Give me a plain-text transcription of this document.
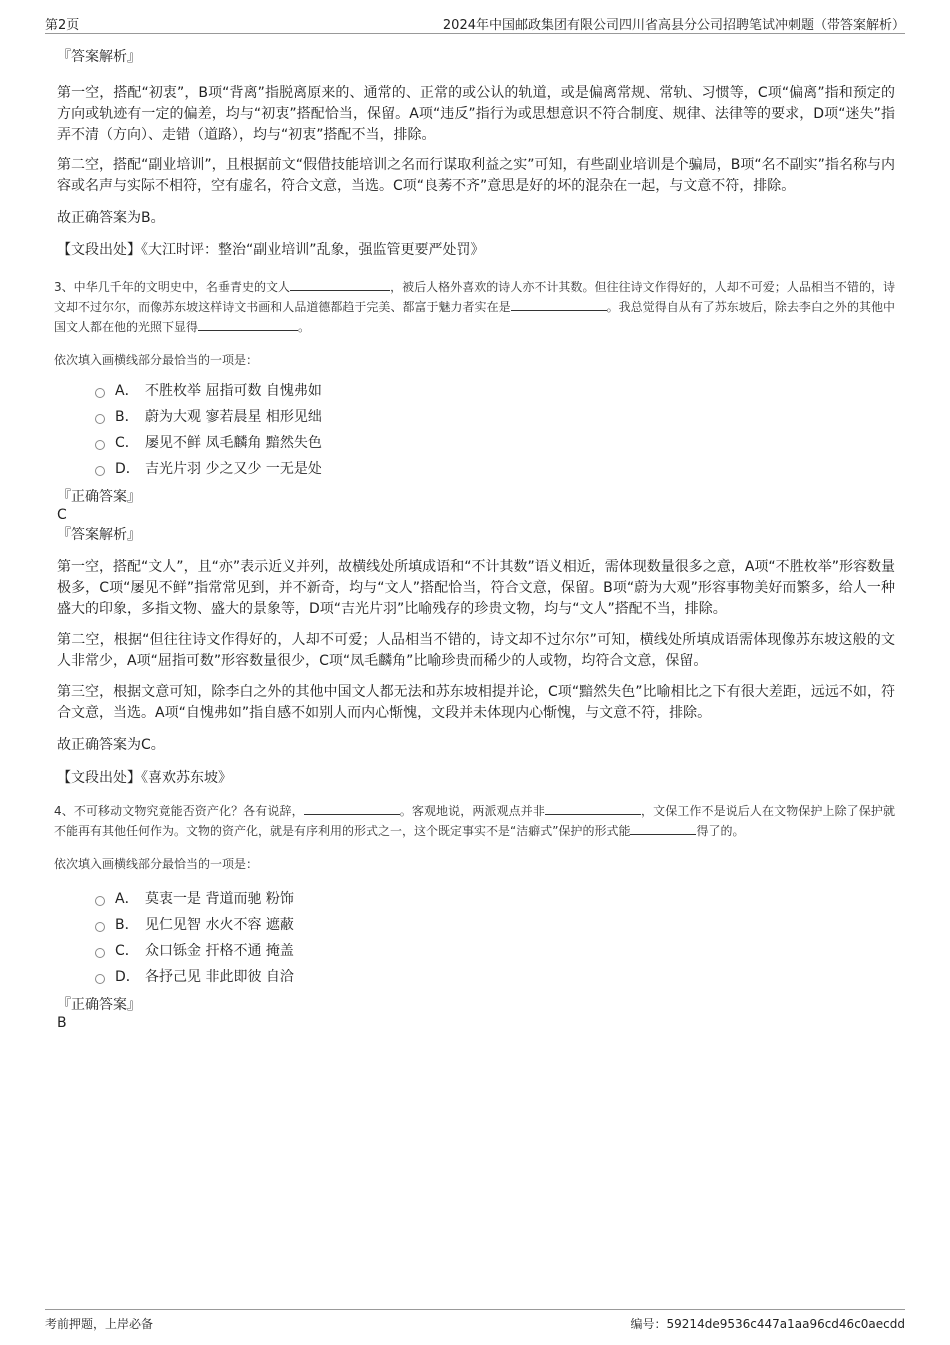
第2页	2024年中国邮政集团有限公司四川省高县分公司招聘笔试冲刺题（带答案解析）
『答案解析』

第一空，搭配“初衷”，B项“背离”指脱离原来的、通常的、正常的或公认的轨道，或是偏离常规、常轨、习惯等，C项“偏离”指和预定的方向或轨迹有一定的偏差，均与“初衷”搭配恰当，保留。A项“违反”指行为或思想意识不符合制度、规律、法律等的要求，D项“迷失”指弄不清（方向）、走错（道路），均与“初衷”搭配不当，排除。

第二空，搭配“副业培训”，且根据前文“假借技能培训之名而行谋取利益之实”可知，有些副业培训是个骗局，B项“名不副实”指名称与内容或名声与实际不相符，空有虚名，符合文意，当选。C项“良莠不齐”意思是好的坏的混杂在一起，与文意不符，排除。

故正确答案为B。

【文段出处】《大江时评：整治“副业培训”乱象，强监管更要严处罚》

3、中华几千年的文明史中，名垂青史的文人	，被后人格外喜欢的诗人亦不计其数。但往往诗文作得好的，人却不可爱；人品相当不错的，诗文却不过尔尔，而像苏东坡这样诗文书画和人品道德都趋于完美、都富于魅力者实在是	。我总觉得自从有了苏东坡后，除去李白之外的其他中国文人都在他的光照下显得	。

依次填入画横线部分最恰当的一项是：

A． 不胜枚举 屈指可数 自愧弗如
B． 蔚为大观 寥若晨星 相形见绌
C． 屡见不鲜 凤毛麟角 黯然失色
D． 吉光片羽 少之又少 一无是处
『正确答案』
C
『答案解析』

第一空，搭配“文人”，且“亦”表示近义并列，故横线处所填成语和“不计其数”语义相近，需体现数量很多之意，A项“不胜枚举”形容数量极多，C项“屡见不鲜”指常常见到，并不新奇，均与“文人”搭配恰当，符合文意，保留。B项“蔚为大观”形容事物美好而繁多，给人一种盛大的印象，多指文物、盛大的景象等，D项“吉光片羽”比喻残存的珍贵文物，均与“文人”搭配不当，排除。

第二空，根据“但往往诗文作得好的，人却不可爱；人品相当不错的，诗文却不过尔尔”可知，横线处所填成语需体现像苏东坡这般的文人非常少，A项“屈指可数”形容数量很少，C项“凤毛麟角”比喻珍贵而稀少的人或物，均符合文意，保留。

第三空，根据文意可知，除李白之外的其他中国文人都无法和苏东坡相提并论，C项“黯然失色”比喻相比之下有很大差距，远远不如，符合文意，当选。A项“自愧弗如”指自感不如别人而内心惭愧，文段并未体现内心惭愧，与文意不符，排除。

故正确答案为C。

【文段出处】《喜欢苏东坡》

4、不可移动文物究竟能否资产化？各有说辞，	。客观地说，两派观点并非	，文保工作不是说后人在文物保护上除了保护就不能再有其他任何作为。文物的资产化，就是有序利用的形式之一，这个既定事实不是“洁癖式”保护的形式能	得了的。

依次填入画横线部分最恰当的一项是：

A． 莫衷一是 背道而驰 粉饰
B． 见仁见智 水火不容 遮蔽
C． 众口铄金 扞格不通 掩盖
D． 各抒己见 非此即彼 自洽
『正确答案』
B
考前押题，上岸必备	编号：59214de9536c447a1aa96cd46c0aecdd
